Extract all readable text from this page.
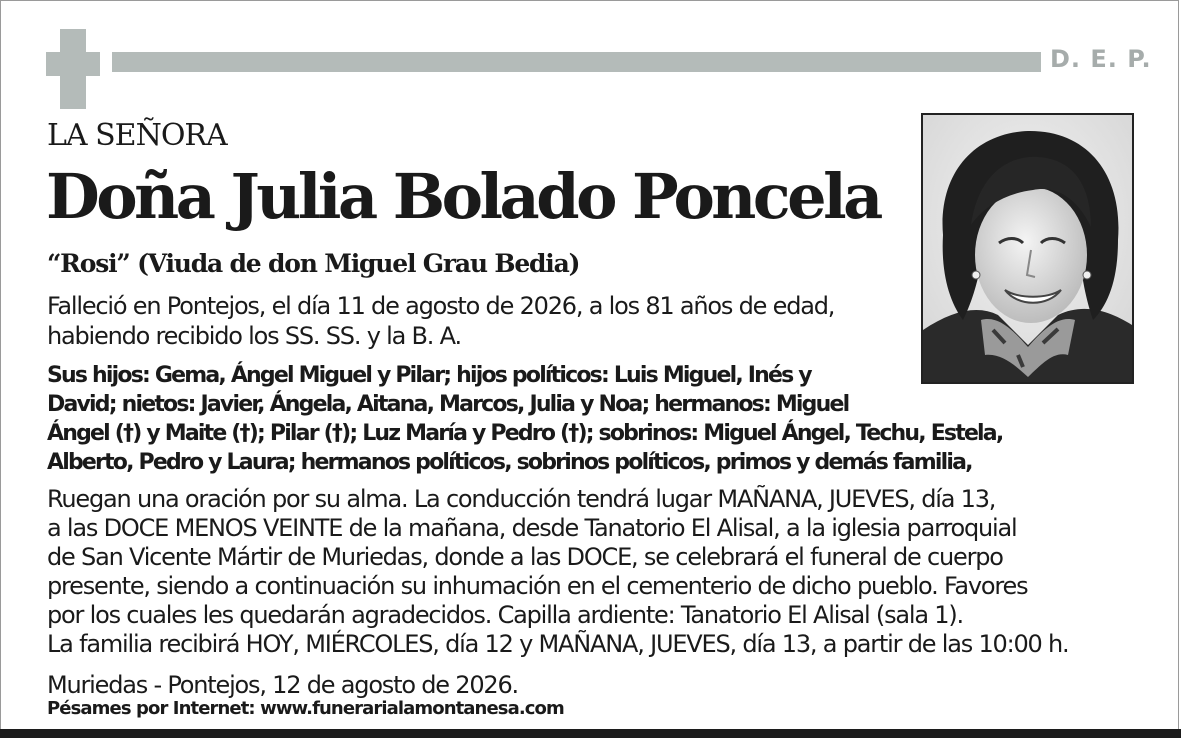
D. E. P.
LA SEÑORA
Doña Julia Bolado Poncela
“Rosi” (Viuda de don Miguel Grau Bedia)
Falleció en Pontejos, el día 11 de agosto de 2026, a los 81 años de edad,
habiendo recibido los SS. SS. y la B. A.
Sus hijos: Gema, Ángel Miguel y Pilar; hijos políticos: Luis Miguel, Inés y
David; nietos: Javier, Ángela, Aitana, Marcos, Julia y Noa; hermanos: Miguel
Ángel (†) y Maite (†); Pilar (†); Luz María y Pedro (†); sobrinos: Miguel Ángel, Techu, Estela,
Alberto, Pedro y Laura; hermanos políticos, sobrinos políticos, primos y demás familia,
Ruegan una oración por su alma. La conducción tendrá lugar MAÑANA, JUEVES, día 13,
a las DOCE MENOS VEINTE de la mañana, desde Tanatorio El Alisal, a la iglesia parroquial
de San Vicente Mártir de Muriedas, donde a las DOCE, se celebrará el funeral de cuerpo
presente, siendo a continuación su inhumación en el cementerio de dicho pueblo. Favores
por los cuales les quedarán agradecidos. Capilla ardiente: Tanatorio El Alisal (sala 1).
La familia recibirá HOY, MIÉRCOLES, día 12 y MAÑANA, JUEVES, día 13, a partir de las 10:00 h.
Muriedas - Pontejos, 12 de agosto de 2026.
Pésames por Internet: www.funerarialamontanesa.com
